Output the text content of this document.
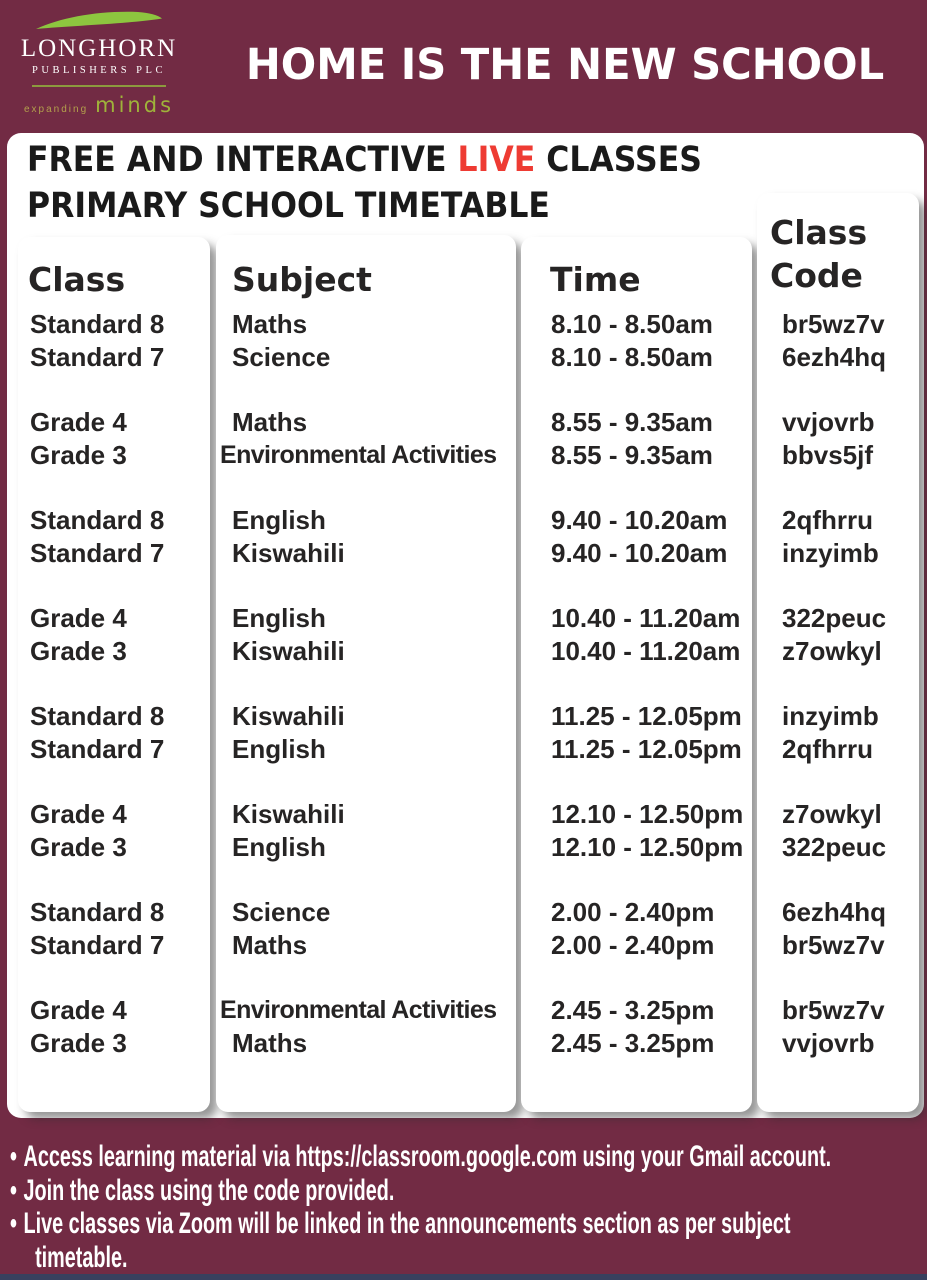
LONGHORN
PUBLISHERS PLC
expanding minds
HOME IS THE NEW SCHOOL
FREE AND INTERACTIVE LIVE CLASSES
PRIMARY SCHOOL TIMETABLE
Class
Standard 8
Standard 7
Grade 4
Grade 3
Standard 8
Standard 7
Grade 4
Grade 3
Standard 8
Standard 7
Grade 4
Grade 3
Standard 8
Standard 7
Grade 4
Grade 3
Subject
Maths
Science
Maths
Environmental Activities
English
Kiswahili
English
Kiswahili
Kiswahili
English
Kiswahili
English
Science
Maths
Environmental Activities
Maths
Time
8.10 - 8.50am
8.10 - 8.50am
8.55 - 9.35am
8.55 - 9.35am
9.40 - 10.20am
9.40 - 10.20am
10.40 - 11.20am
10.40 - 11.20am
11.25 - 12.05pm
11.25 - 12.05pm
12.10 - 12.50pm
12.10 - 12.50pm
2.00 - 2.40pm
2.00 - 2.40pm
2.45 - 3.25pm
2.45 - 3.25pm
Class Code
br5wz7v
6ezh4hq
vvjovrb
bbvs5jf
2qfhrru
inzyimb
322peuc
z7owkyl
inzyimb
2qfhrru
z7owkyl
322peuc
6ezh4hq
br5wz7v
br5wz7v
vvjovrb
• Access learning material via https://classroom.google.com using your Gmail account.
• Join the class using the code provided.
• Live classes via Zoom will be linked in the announcements section as per subject
timetable.
